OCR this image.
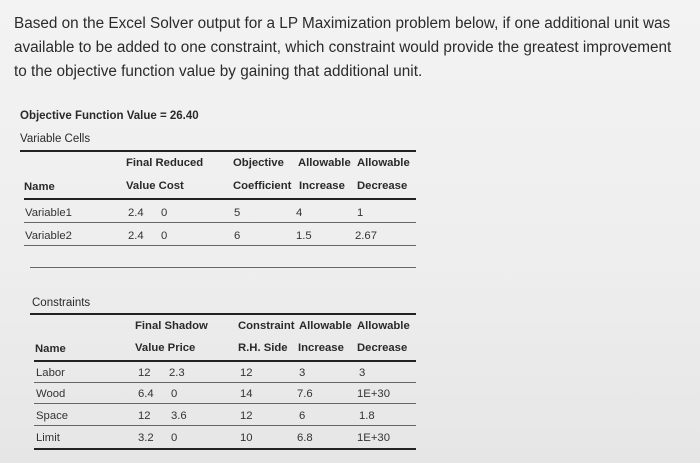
Based on the Excel Solver output for a LP Maximization problem below, if one additional unit was available to be added to one constraint, which constraint would provide the greatest improvement to the objective function value by gaining that additional unit.
Objective Function Value = 26.40
Variable Cells
Final Reduced	Objective Allowable Allowable
Name	Value Cost	Coefficient Increase Decrease
Variable1	2.4 0	5	4	1
Variable2	2.4 0	6	1.5	2.67
Constraints
Final Shadow	Constraint Allowable Allowable
Name	Value Price	R.H. Side Increase Decrease
Labor	12 2.3	12	3	3
Wood	6.4 0	14	7.6	1E+30
Space	12 3.6	12	6	1.8
Limit	3.2 0	10	6.8	1E+30
